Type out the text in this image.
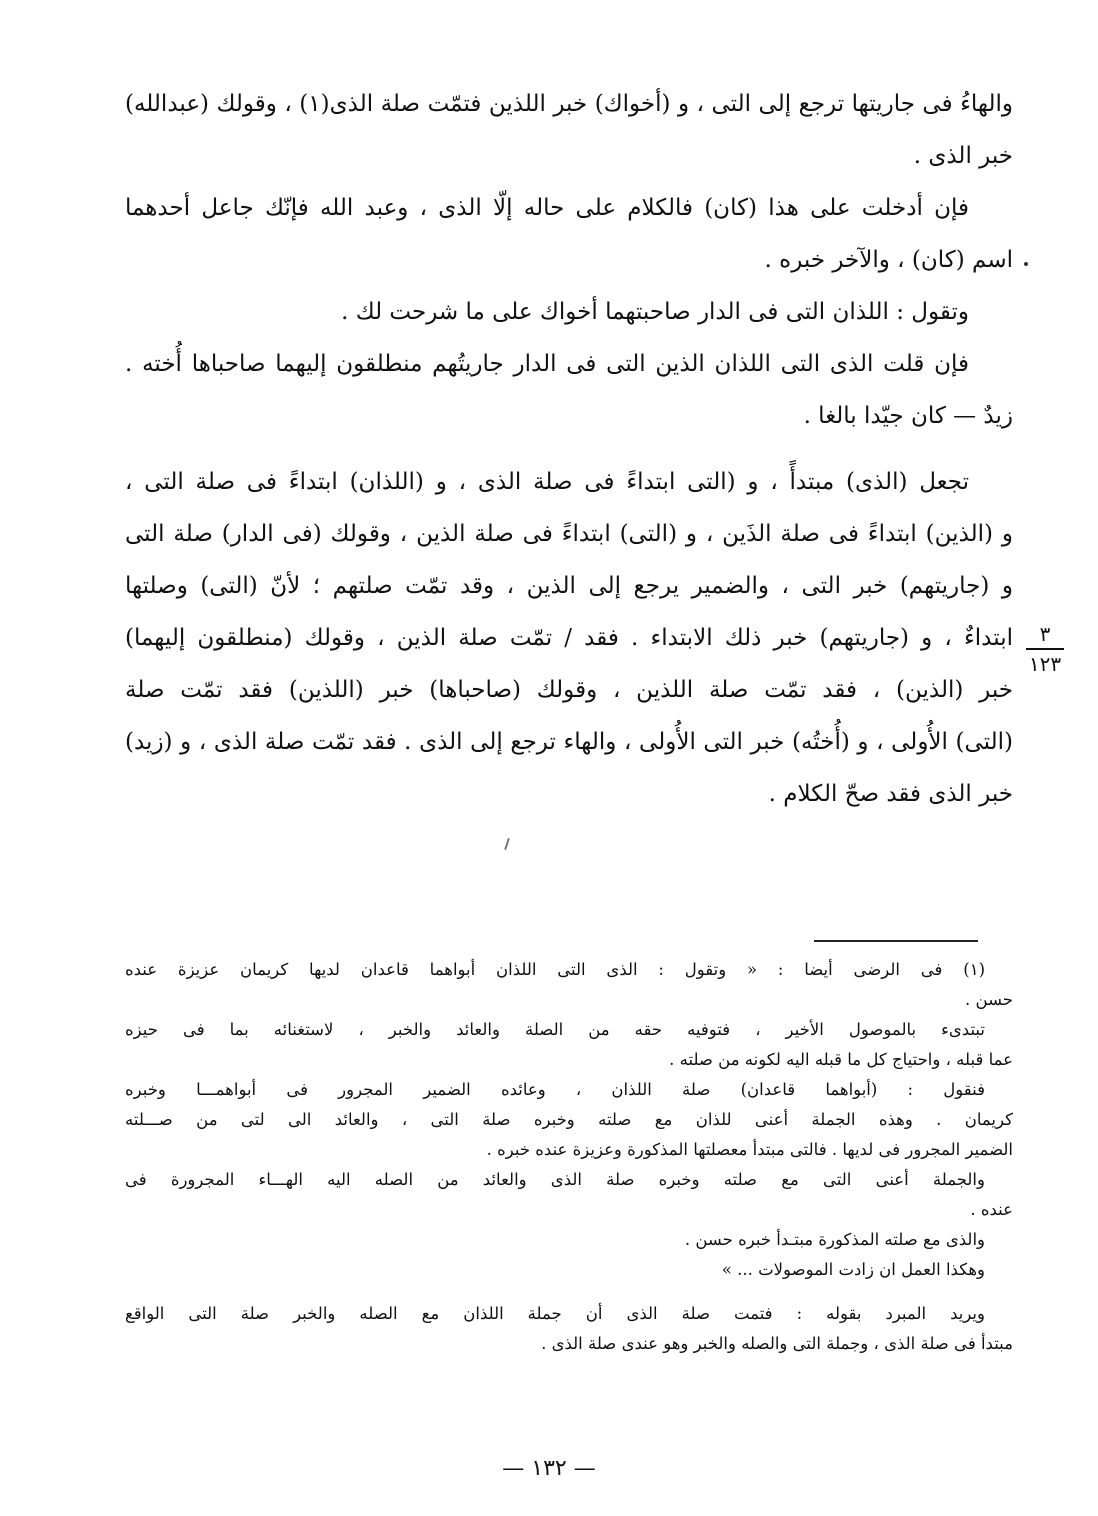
والهاءُ فى جاريتها ترجع إلى التى ، و (أخواك) خبر اللذين فتمّت صلة الذى(١) ، وقولك (عبدالله)
خبر الذى .
فإن أدخلت على هذا (كان) فالكلام على حاله إلّا الذى ، وعبد الله فإنّك جاعل أحدهما
اسم (كان) ، والآخر خبره .
وتقول : اللذان التى فى الدار صاحبتهما أخواك على ما شرحت لك .
فإن قلت الذى التى اللذان الذين التى فى الدار جاريتُهم منطلقون إليهما صاحباها أُخته .
زيدٌ — كان جيّدا بالغا .
تجعل (الذى) مبتدأً ، و (التى ابتداءً فى صلة الذى ، و (اللذان) ابتداءً فى صلة التى ،
و (الذين) ابتداءً فى صلة الذَين ، و (التى) ابتداءً فى صلة الذين ، وقولك (فى الدار) صلة التى
و (جاريتهم) خبر التى ، والضمير يرجع إلى الذين ، وقد تمّت صلتهم ؛ لأنّ (التى) وصلتها
ابتداءٌ ، و (جاريتهم) خبر ذلك الابتداء . فقد / تمّت صلة الذين ، وقولك (منطلقون إليهما)
خبر (الذين) ، فقد تمّت صلة اللذين ، وقولك (صاحباها) خبر (اللذين) فقد تمّت صلة
(التى) الأُولى ، و (أُختُه) خبر التى الأُولى ، والهاء ترجع إلى الذى . فقد تمّت صلة الذى ، و (زيد)
خبر الذى فقد صحّ الكلام .
٣
١٢٣
(١) فى الرضى أيضا : « وتقول : الذى التى اللذان أبواهما قاعدان لديها كريمان عزيزة عنده
حسن .
تبتدىء بالموصول الأخير ، فتوفيه حقه من الصلة والعائد والخبر ، لاستغنائه بما فى حيزه
عما قبله ، واحتياج كل ما قبله اليه لكونه من صلته .
فنقول : (أبواهما قاعدان) صلة اللذان ، وعائده الضمير المجرور فى أبواهمـــا وخبره
كريمان . وهذه الجملة أعنى للذان مع صلته وخبره صلة التى ، والعائد الى لتى من صـــلته
الضمير المجرور فى لديها . فالتى مبتدأ معصلتها المذكورة وعزيزة عنده خبره .
والجملة أعنى التى مع صلته وخبره صلة الذى والعائد من الصله اليه الهـــاء المجرورة فى
عنده .
والذى مع صلته المذكورة مبتـدأ خبره حسن .
وهكذا العمل ان زادت الموصولات ... »
ويريد المبرد بقوله : فتمت صلة الذى أن جملة اللذان مع الصله والخبر صلة التى الواقع
مبتدأ فى صلة الذى ، وجملة التى والصله والخبر وهو عندى صلة الذى .
— ١٣٢ —
